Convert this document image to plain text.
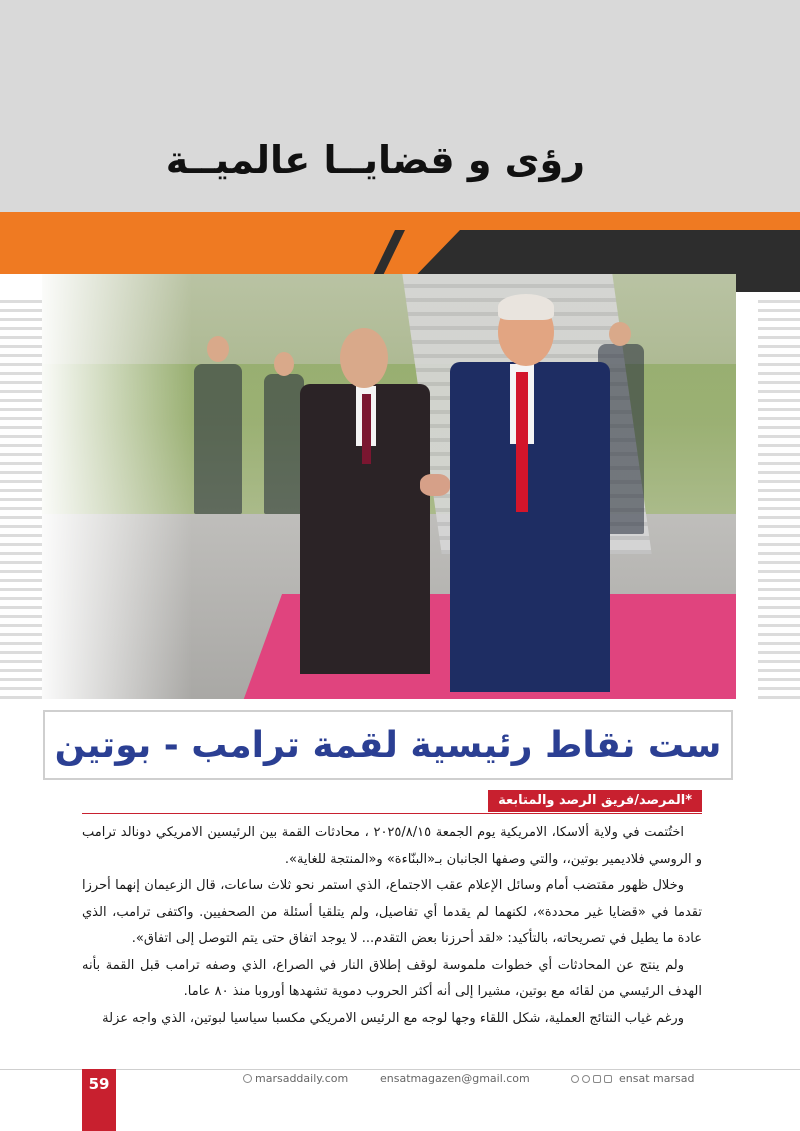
رؤى و قضايــا عالميــة
ست نقاط رئيسية لقمة ترامب - بوتين
*المرصد/فريق الرصد والمتابعة

اختُتمت في ولاية ألاسكا، الامريكية يوم الجمعة ٢٠٢٥/٨/١٥ ، محادثات القمة بين الرئيسين الامريكي دونالد ترامب و الروسي فلاديمير بوتين،، والتي وصفها الجانبان بـ«البنّاءة» و«المنتجة للغاية».

وخلال ظهور مقتضب أمام وسائل الإعلام عقب الاجتماع، الذي استمر نحو ثلاث ساعات، قال الزعيمان إنهما أحرزا تقدما في «قضايا غير محددة»، لكنهما لم يقدما أي تفاصيل، ولم يتلقيا أسئلة من الصحفيين. واكتفى ترامب، الذي عادة ما يطيل في تصريحاته، بالتأكيد: «لقد أحرزنا بعض التقدم... لا يوجد اتفاق حتى يتم التوصل إلى اتفاق».

ولم ينتج عن المحادثات أي خطوات ملموسة لوقف إطلاق النار في الصراع، الذي وصفه ترامب قبل القمة بأنه الهدف الرئيسي من لقائه مع بوتين، مشيرا إلى أنه أكثر الحروب دموية تشهدها أوروبا منذ ٨٠ عاما.

ورغم غياب النتائج العملية، شكل اللقاء وجها لوجه مع الرئيس الامريكي مكسبا سياسيا لبوتين، الذي واجه عزلة

59	marsaddaily.com	ensatmagazen@gmail.com	ensat marsad
